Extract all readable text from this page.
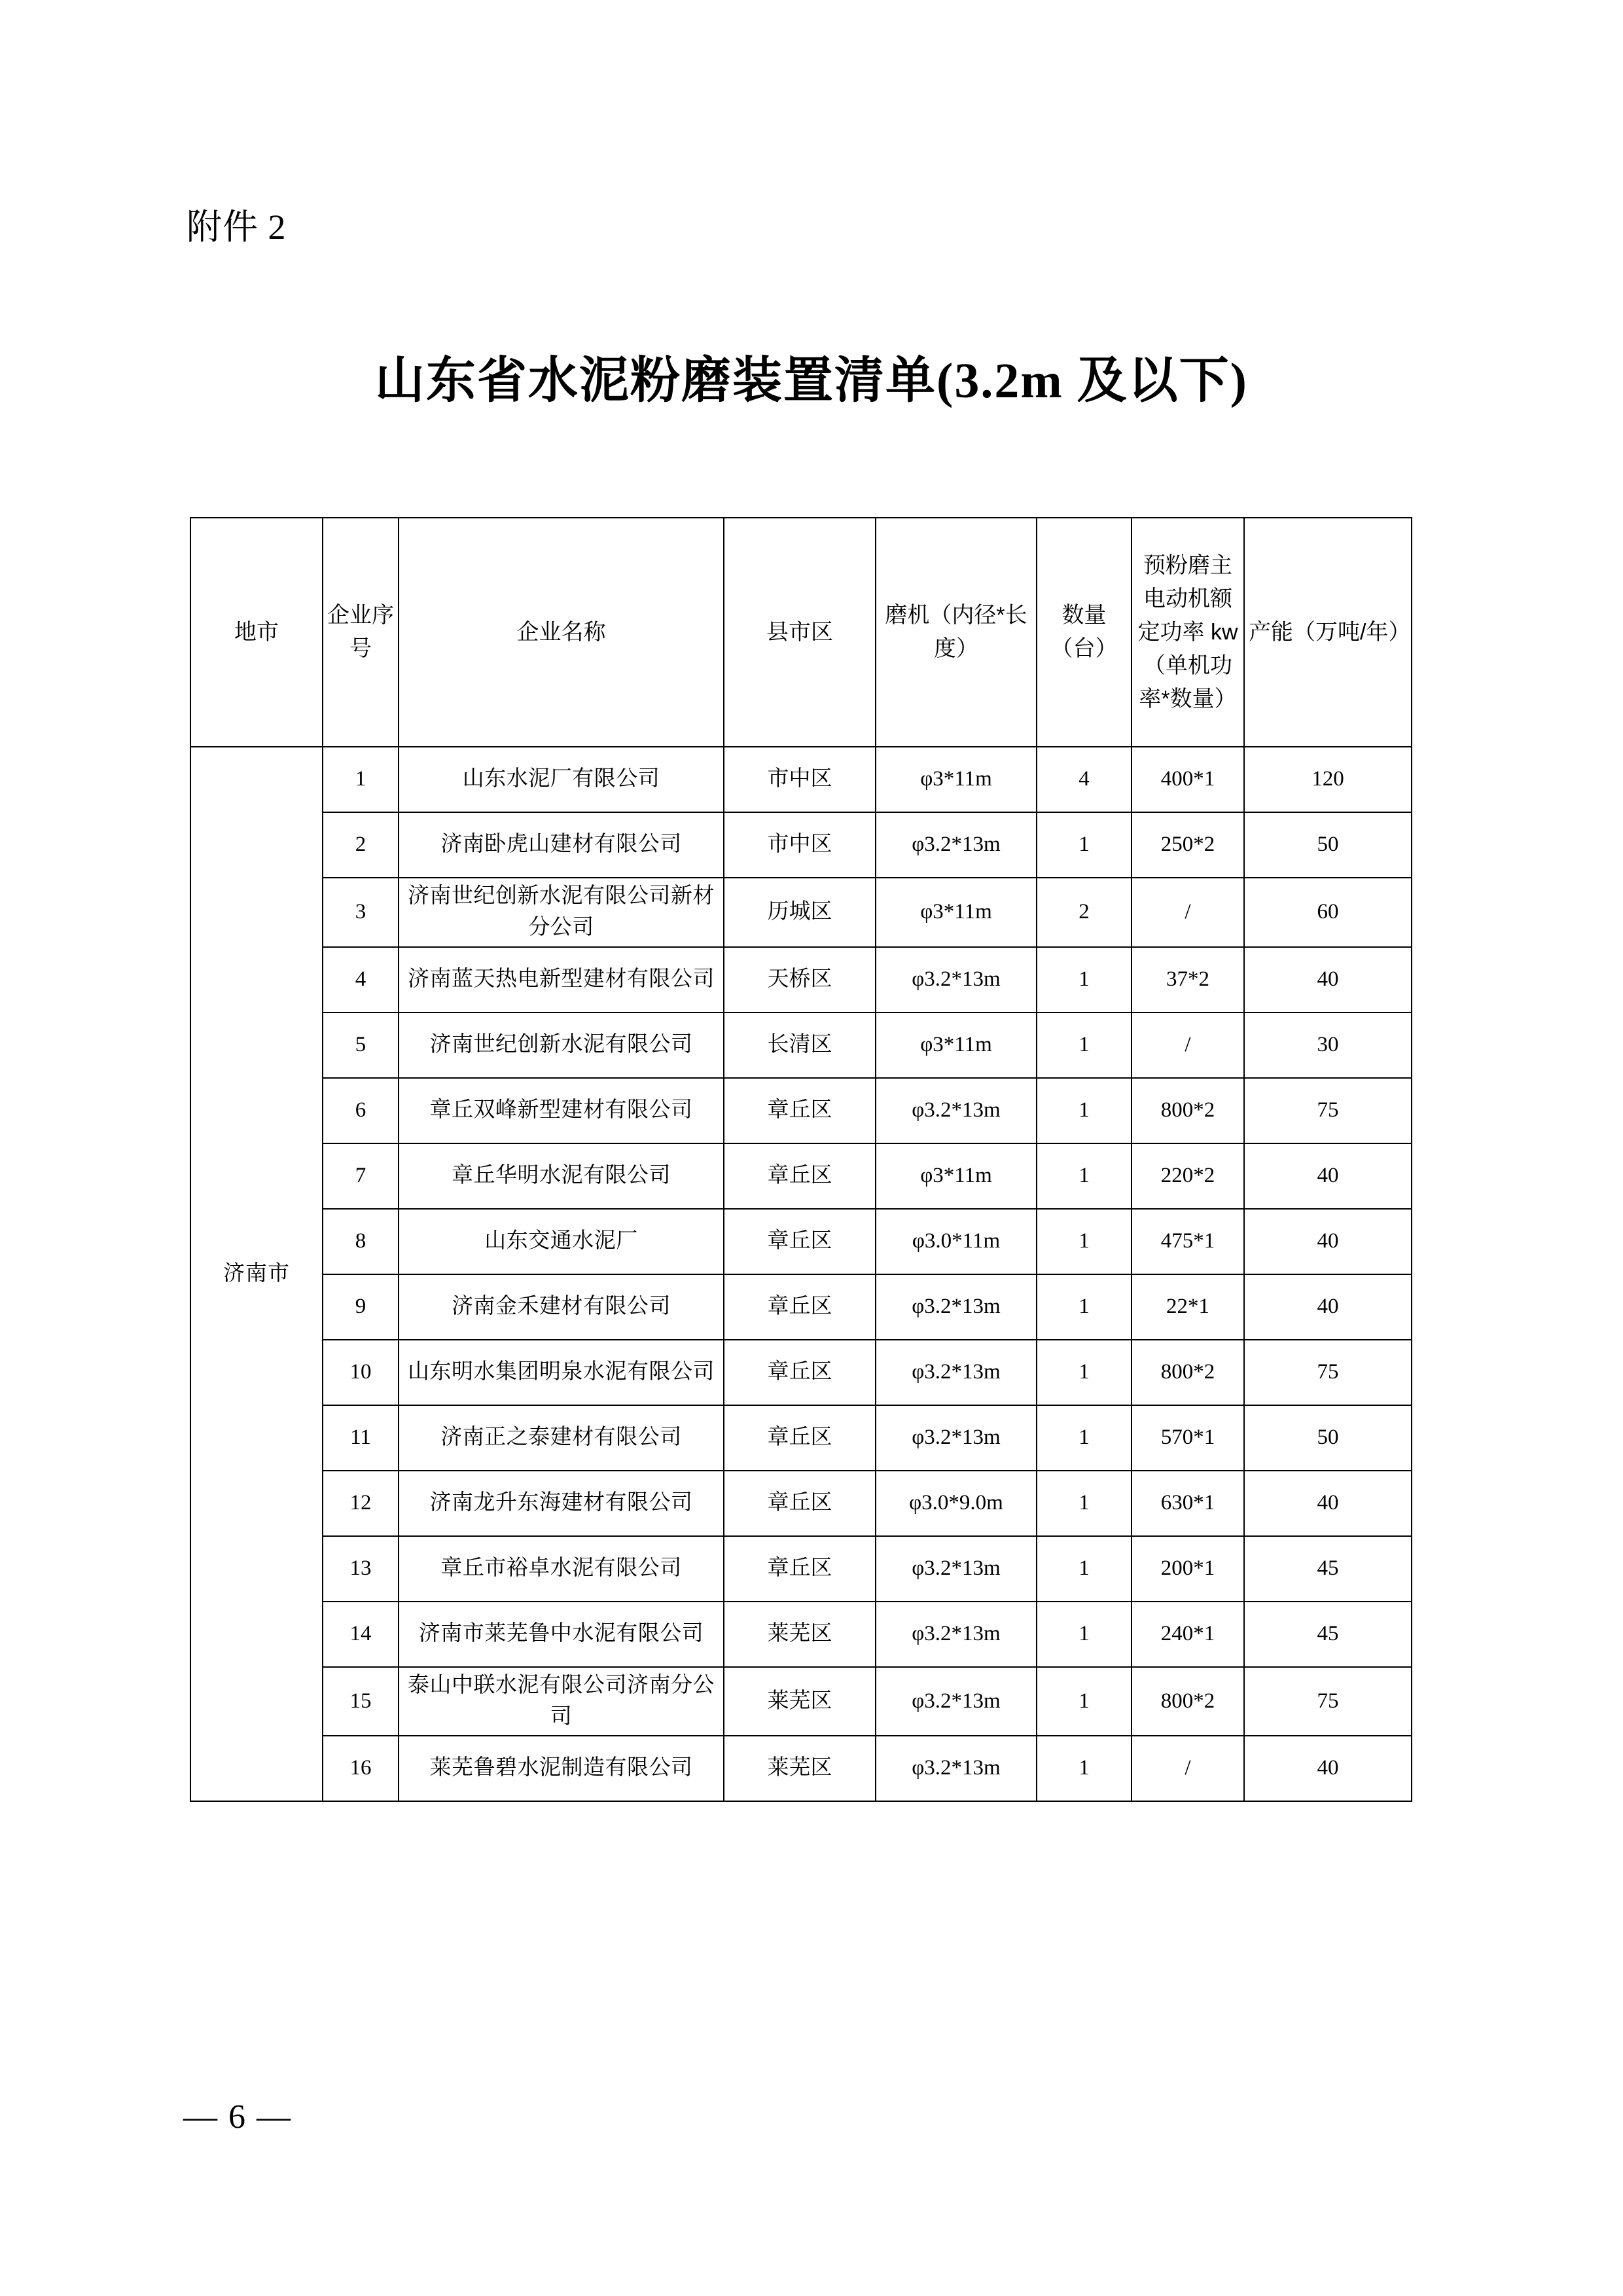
附件 2
山东省水泥粉磨装置清单(3.2m 及以下)
地市	企业序号	企业名称	县市区	磨机（内径*长度）	数量（台）	预粉磨主电动机额定功率 kw（单机功率*数量）	产能（万吨/年）
济南市	1	山东水泥厂有限公司	市中区	φ3*11m	4	400*1	120
	2	济南卧虎山建材有限公司	市中区	φ3.2*13m	1	250*2	50
	3	济南世纪创新水泥有限公司新材分公司	历城区	φ3*11m	2	/	60
	4	济南蓝天热电新型建材有限公司	天桥区	φ3.2*13m	1	37*2	40
	5	济南世纪创新水泥有限公司	长清区	φ3*11m	1	/	30
	6	章丘双峰新型建材有限公司	章丘区	φ3.2*13m	1	800*2	75
	7	章丘华明水泥有限公司	章丘区	φ3*11m	1	220*2	40
	8	山东交通水泥厂	章丘区	φ3.0*11m	1	475*1	40
	9	济南金禾建材有限公司	章丘区	φ3.2*13m	1	22*1	40
	10	山东明水集团明泉水泥有限公司	章丘区	φ3.2*13m	1	800*2	75
	11	济南正之泰建材有限公司	章丘区	φ3.2*13m	1	570*1	50
	12	济南龙升东海建材有限公司	章丘区	φ3.0*9.0m	1	630*1	40
	13	章丘市裕卓水泥有限公司	章丘区	φ3.2*13m	1	200*1	45
	14	济南市莱芜鲁中水泥有限公司	莱芜区	φ3.2*13m	1	240*1	45
	15	泰山中联水泥有限公司济南分公司	莱芜区	φ3.2*13m	1	800*2	75
	16	莱芜鲁碧水泥制造有限公司	莱芜区	φ3.2*13m	1	/	40
— 6 —
